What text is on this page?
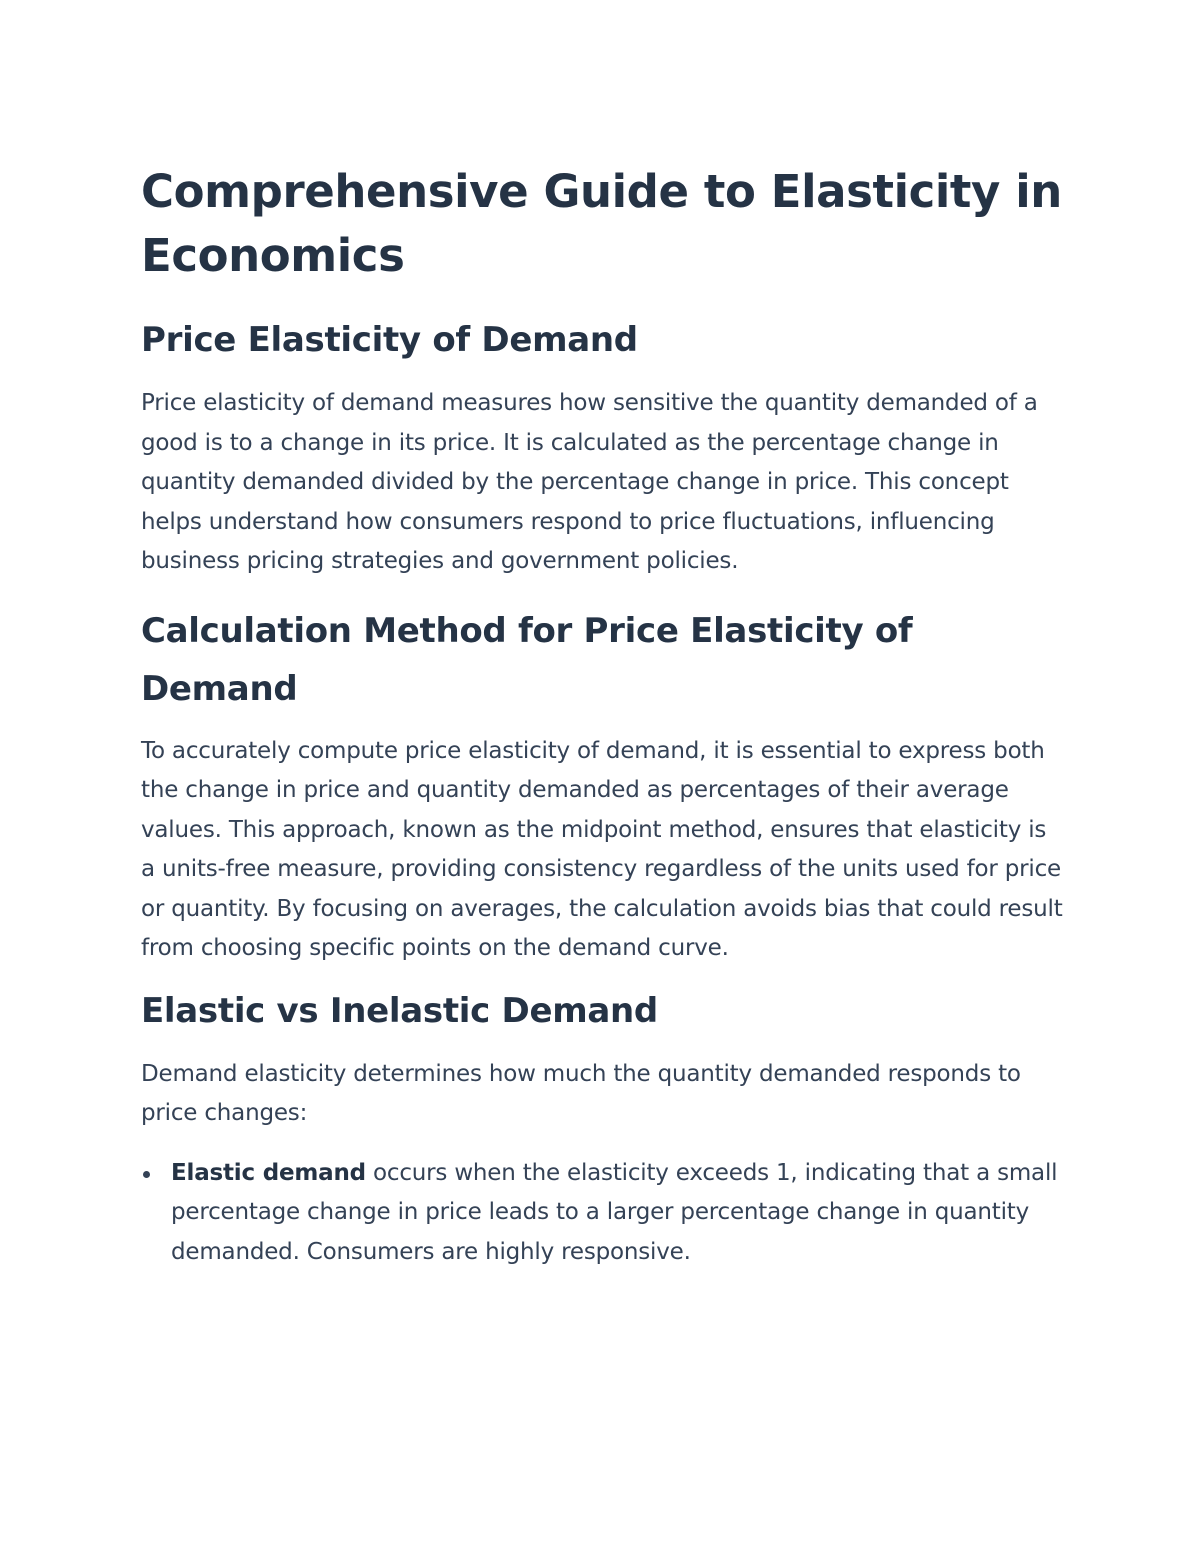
Comprehensive Guide to Elasticity in Economics
Price Elasticity of Demand

Price elasticity of demand measures how sensitive the quantity demanded of a good is to a change in its price. It is calculated as the percentage change in quantity demanded divided by the percentage change in price. This concept helps understand how consumers respond to price fluctuations, influencing business pricing strategies and government policies.

Calculation Method for Price Elasticity of Demand

To accurately compute price elasticity of demand, it is essential to express both the change in price and quantity demanded as percentages of their average values. This approach, known as the midpoint method, ensures that elasticity is a units-free measure, providing consistency regardless of the units used for price or quantity. By focusing on averages, the calculation avoids bias that could result from choosing specific points on the demand curve.

Elastic vs Inelastic Demand

Demand elasticity determines how much the quantity demanded responds to price changes:

Elastic demand occurs when the elasticity exceeds 1, indicating that a small percentage change in price leads to a larger percentage change in quantity demanded. Consumers are highly responsive.
